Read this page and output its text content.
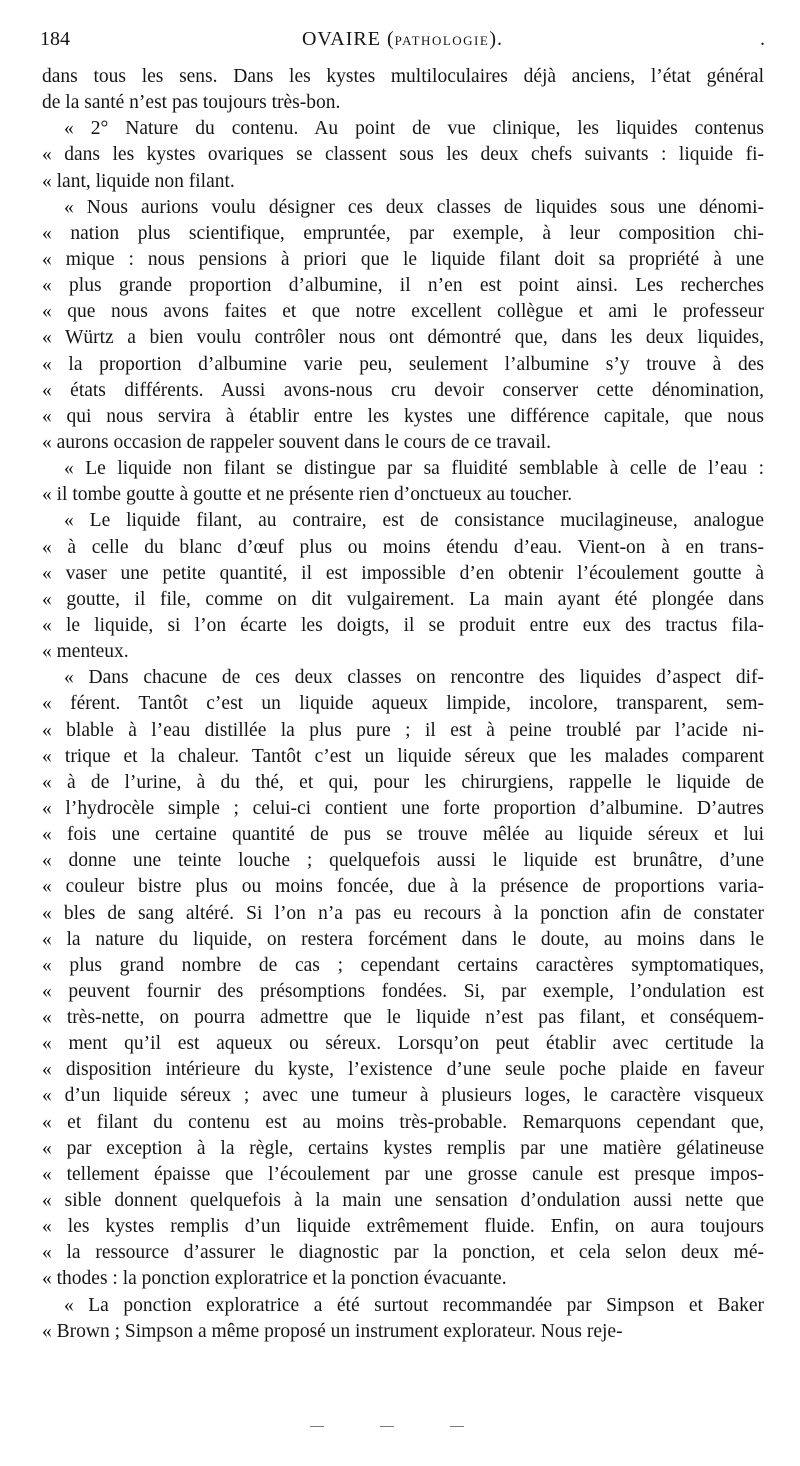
184	OVAIRE (PATHOLOGIE).	.
dans tous les sens. Dans les kystes multiloculaires déjà anciens, l’état général
de la santé n’est pas toujours très-bon.
« 2° Nature du contenu. Au point de vue clinique, les liquides contenus
« dans les kystes ovariques se classent sous les deux chefs suivants : liquide fi-
« lant, liquide non filant.
« Nous aurions voulu désigner ces deux classes de liquides sous une dénomi-
« nation plus scientifique, empruntée, par exemple, à leur composition chi-
« mique : nous pensions à priori que le liquide filant doit sa propriété à une
« plus grande proportion d’albumine, il n’en est point ainsi. Les recherches
« que nous avons faites et que notre excellent collègue et ami le professeur
« Würtz a bien voulu contrôler nous ont démontré que, dans les deux liquides,
« la proportion d’albumine varie peu, seulement l’albumine s’y trouve à des
« états différents. Aussi avons-nous cru devoir conserver cette dénomination,
« qui nous servira à établir entre les kystes une différence capitale, que nous
« aurons occasion de rappeler souvent dans le cours de ce travail.
« Le liquide non filant se distingue par sa fluidité semblable à celle de l’eau :
« il tombe goutte à goutte et ne présente rien d’onctueux au toucher.
« Le liquide filant, au contraire, est de consistance mucilagineuse, analogue
« à celle du blanc d’œuf plus ou moins étendu d’eau. Vient-on à en trans-
« vaser une petite quantité, il est impossible d’en obtenir l’écoulement goutte à
« goutte, il file, comme on dit vulgairement. La main ayant été plongée dans
« le liquide, si l’on écarte les doigts, il se produit entre eux des tractus fila-
« menteux.
« Dans chacune de ces deux classes on rencontre des liquides d’aspect dif-
« férent. Tantôt c’est un liquide aqueux limpide, incolore, transparent, sem-
« blable à l’eau distillée la plus pure ; il est à peine troublé par l’acide ni-
« trique et la chaleur. Tantôt c’est un liquide séreux que les malades comparent
« à de l’urine, à du thé, et qui, pour les chirurgiens, rappelle le liquide de
« l’hydrocèle simple ; celui-ci contient une forte proportion d’albumine. D’autres
« fois une certaine quantité de pus se trouve mêlée au liquide séreux et lui
« donne une teinte louche ; quelquefois aussi le liquide est brunâtre, d’une
« couleur bistre plus ou moins foncée, due à la présence de proportions varia-
« bles de sang altéré. Si l’on n’a pas eu recours à la ponction afin de constater
« la nature du liquide, on restera forcément dans le doute, au moins dans le
« plus grand nombre de cas ; cependant certains caractères symptomatiques,
« peuvent fournir des présomptions fondées. Si, par exemple, l’ondulation est
« très-nette, on pourra admettre que le liquide n’est pas filant, et conséquem-
« ment qu’il est aqueux ou séreux. Lorsqu’on peut établir avec certitude la
« disposition intérieure du kyste, l’existence d’une seule poche plaide en faveur
« d’un liquide séreux ; avec une tumeur à plusieurs loges, le caractère visqueux
« et filant du contenu est au moins très-probable. Remarquons cependant que,
« par exception à la règle, certains kystes remplis par une matière gélatineuse
« tellement épaisse que l’écoulement par une grosse canule est presque impos-
« sible donnent quelquefois à la main une sensation d’ondulation aussi nette que
« les kystes remplis d’un liquide extrêmement fluide. Enfin, on aura toujours
« la ressource d’assurer le diagnostic par la ponction, et cela selon deux mé-
« thodes : la ponction exploratrice et la ponction évacuante.
« La ponction exploratrice a été surtout recommandée par Simpson et Baker
« Brown ; Simpson a même proposé un instrument explorateur. Nous reje-
